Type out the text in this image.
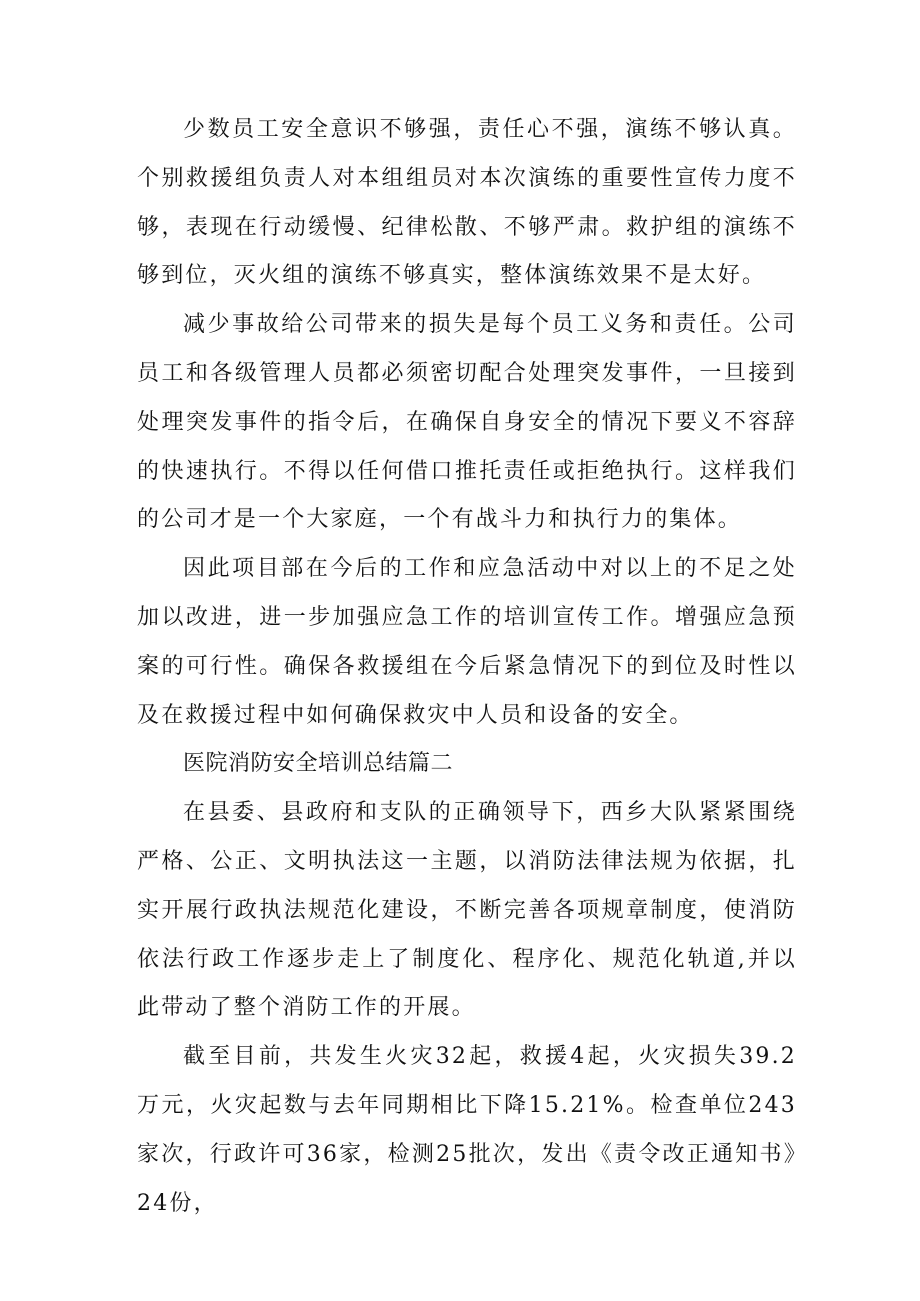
少数员工安全意识不够强，责任心不强，演练不够认真。个别救援组负责人对本组组员对本次演练的重要性宣传力度不够，表现在行动缓慢、纪律松散、不够严肃。救护组的演练不够到位，灭火组的演练不够真实，整体演练效果不是太好。

减少事故给公司带来的损失是每个员工义务和责任。公司员工和各级管理人员都必须密切配合处理突发事件，一旦接到处理突发事件的指令后，在确保自身安全的情况下要义不容辞的快速执行。不得以任何借口推托责任或拒绝执行。这样我们的公司才是一个大家庭，一个有战斗力和执行力的集体。

因此项目部在今后的工作和应急活动中对以上的不足之处加以改进，进一步加强应急工作的培训宣传工作。增强应急预案的可行性。确保各救援组在今后紧急情况下的到位及时性以及在救援过程中如何确保救灾中人员和设备的安全。

医院消防安全培训总结篇二

在县委、县政府和支队的正确领导下，西乡大队紧紧围绕严格、公正、文明执法这一主题，以消防法律法规为依据，扎实开展行政执法规范化建设，不断完善各项规章制度，使消防依法行政工作逐步走上了制度化、程序化、规范化轨道,并以此带动了整个消防工作的开展。

截至目前，共发生火灾32起，救援4起，火灾损失39.2万元，火灾起数与去年同期相比下降15.21%。检查单位243家次，行政许可36家，检测25批次，发出《责令改正通知书》24份，
